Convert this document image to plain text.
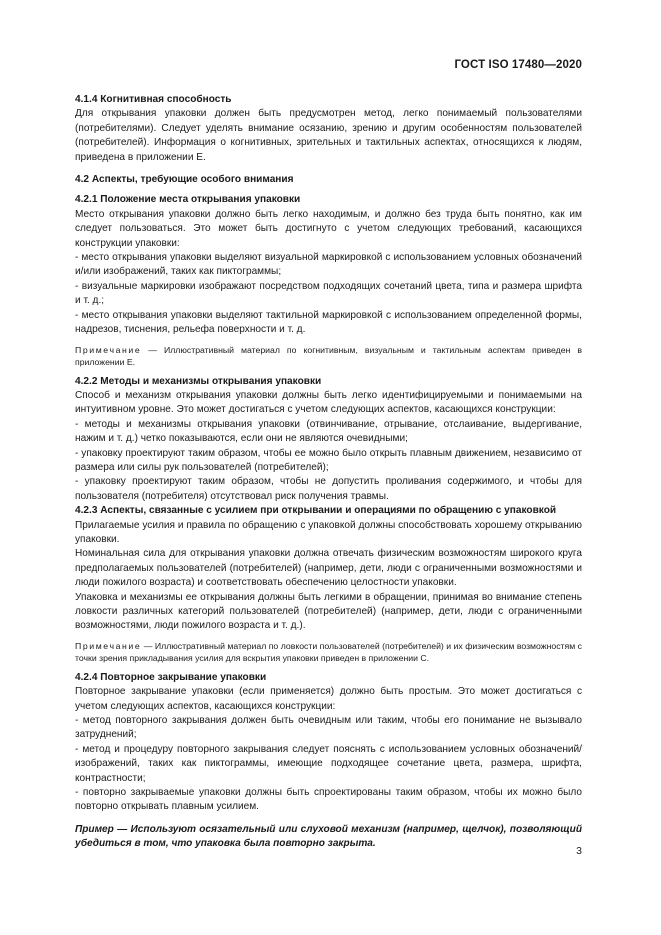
ГОСТ ISO 17480—2020

4.1.4 Когнитивная способность

Для открывания упаковки должен быть предусмотрен метод, легко понимаемый пользователями (потребителями). Следует уделять внимание осязанию, зрению и другим особенностям пользователей (потребителей). Информация о когнитивных, зрительных и тактильных аспектах, относящихся к людям, приведена в приложении Е.

4.2 Аспекты, требующие особого внимания

4.2.1 Положение места открывания упаковки

Место открывания упаковки должно быть легко находимым, и должно без труда быть понятно, как им следует пользоваться. Это может быть достигнуто с учетом следующих требований, касающихся конструкции упаковки:

- место открывания упаковки выделяют визуальной маркировкой с использованием условных обозначений и/или изображений, таких как пиктограммы;

- визуальные маркировки изображают посредством подходящих сочетаний цвета, типа и размера шрифта и т. д.;

- место открывания упаковки выделяют тактильной маркировкой с использованием определенной формы, надрезов, тиснения, рельефа поверхности и т. д.

Примечание — Иллюстративный материал по когнитивным, визуальным и тактильным аспектам приведен в приложении Е.

4.2.2 Методы и механизмы открывания упаковки

Способ и механизм открывания упаковки должны быть легко идентифицируемыми и понимаемыми на интуитивном уровне. Это может достигаться с учетом следующих аспектов, касающихся конструкции:

- методы и механизмы открывания упаковки (отвинчивание, отрывание, отслаивание, выдергивание, нажим и т. д.) четко показываются, если они не являются очевидными;

- упаковку проектируют таким образом, чтобы ее можно было открыть плавным движением, независимо от размера или силы рук пользователей (потребителей);

- упаковку проектируют таким образом, чтобы не допустить проливания содержимого, и чтобы для пользователя (потребителя) отсутствовал риск получения травмы.

4.2.3 Аспекты, связанные с усилием при открывании и операциями по обращению с упаковкой

Прилагаемые усилия и правила по обращению с упаковкой должны способствовать хорошему открыванию упаковки.

Номинальная сила для открывания упаковки должна отвечать физическим возможностям широкого круга предполагаемых пользователей (потребителей) (например, дети, люди с ограниченными возможностями и люди пожилого возраста) и соответствовать обеспечению целостности упаковки.

Упаковка и механизмы ее открывания должны быть легкими в обращении, принимая во внимание степень ловкости различных категорий пользователей (потребителей) (например, дети, люди с ограниченными возможностями, люди пожилого возраста и т. д.).

Примечание — Иллюстративный материал по ловкости пользователей (потребителей) и их физическим возможностям с точки зрения прикладывания усилия для вскрытия упаковки приведен в приложении С.

4.2.4 Повторное закрывание упаковки

Повторное закрывание упаковки (если применяется) должно быть простым. Это может достигаться с учетом следующих аспектов, касающихся конструкции:

- метод повторного закрывания должен быть очевидным или таким, чтобы его понимание не вызывало затруднений;

- метод и процедуру повторного закрывания следует пояснять с использованием условных обозначений/изображений, таких как пиктограммы, имеющие подходящее сочетание цвета, размера, шрифта, контрастности;

- повторно закрываемые упаковки должны быть спроектированы таким образом, чтобы их можно было повторно открывать плавным усилием.

Пример — Используют осязательный или слуховой механизм (например, щелчок), позволяющий убедиться в том, что упаковка была повторно закрыта.

3
